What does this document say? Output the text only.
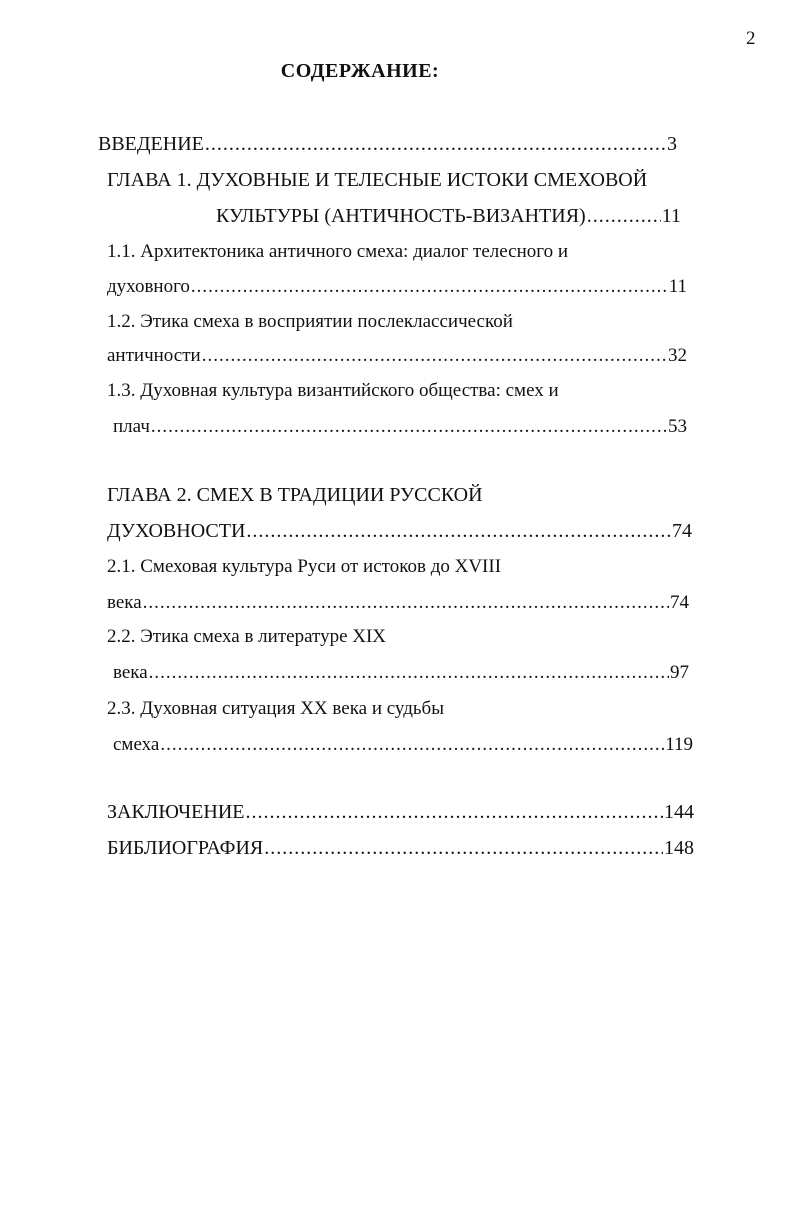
2
СОДЕРЖАНИЕ:
ВВЕДЕНИЕ .....	3
ГЛАВА 1. ДУХОВНЫЕ И ТЕЛЕСНЫЕ ИСТОКИ СМЕХОВОЙ
КУЛЬТУРЫ (АНТИЧНОСТЬ-ВИЗАНТИЯ) .....	11
1.1. Архитектоника античного смеха: диалог телесного и
духовного .....	11
1.2. Этика смеха в восприятии послеклассической
античности .....	32
1.3. Духовная культура византийского общества: смех и
плач .....	53
ГЛАВА 2. СМЕХ В ТРАДИЦИИ РУССКОЙ
ДУХОВНОСТИ .....	74
2.1. Смеховая культура Руси от истоков до XVIII
века .....	74
2.2. Этика смеха в литературе XIX
века .....	97
2.3. Духовная ситуация XX века и судьбы
смеха .....	119
ЗАКЛЮЧЕНИЕ .....	144
БИБЛИОГРАФИЯ .....	148
